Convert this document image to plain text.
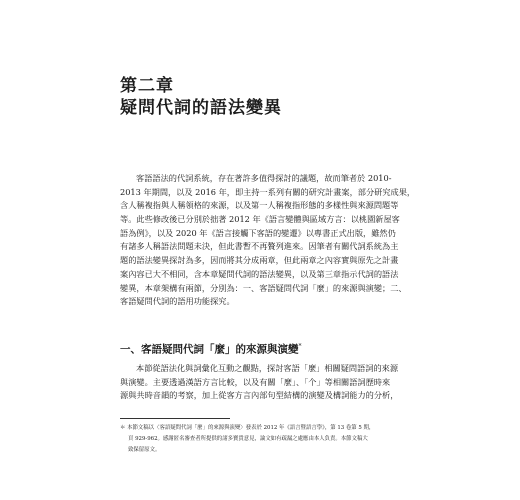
第二章
疑問代詞的語法變異
客語語法的代詞系統，存在著許多值得探討的議題，故而筆者於 2010-
2013 年期間，以及 2016 年，即主持一系列有關的研究計畫案，部分研究成果，
含人稱複指與人稱領格的來源，以及第一人稱複指形態的多樣性與來源問題等
等。此些修改後已分別於拙著 2012 年《語言變體與區域方言：以桃園新屋客
語為例》，以及 2020 年《語言接觸下客語的變遷》以專書正式出版，雖然仍
有諸多人稱語法問題未決，但此書暫不再贅列進來。因筆者有關代詞系統為主
題的語法變異探討為多，因而將其分成兩章，但此兩章之內容實與原先之計畫
案內容已大不相同，含本章疑問代詞的語法變異，以及第三章指示代詞的語法
變異，本章架構有兩節，分別為：一、客語疑問代詞「麼」的來源與演變；二、
客語疑問代詞的語用功能探究。
一、客語疑問代詞「麼」的來源與演變*
本節從語法化與詞彙化互動之觀點，探討客語「麼」相關疑問語詞的來源
與演變。主要透過漢語方言比較，以及有關「麼」、「个」等相關語詞歷時來
源與共時音韻的考察，加上從客方言內部句型結構的演變及構詞能力的分析，
＊ 本節文稿以〈客語疑問代詞「麼」的來源與演變〉發表於 2012 年《語言暨語言學》，第 13 卷第 5 期，
頁 929-962。感謝匿名審查者所提供的諸多寶貴意見，論文如有疏漏之處應由本人負責。本節文稿大
致保留原文。
